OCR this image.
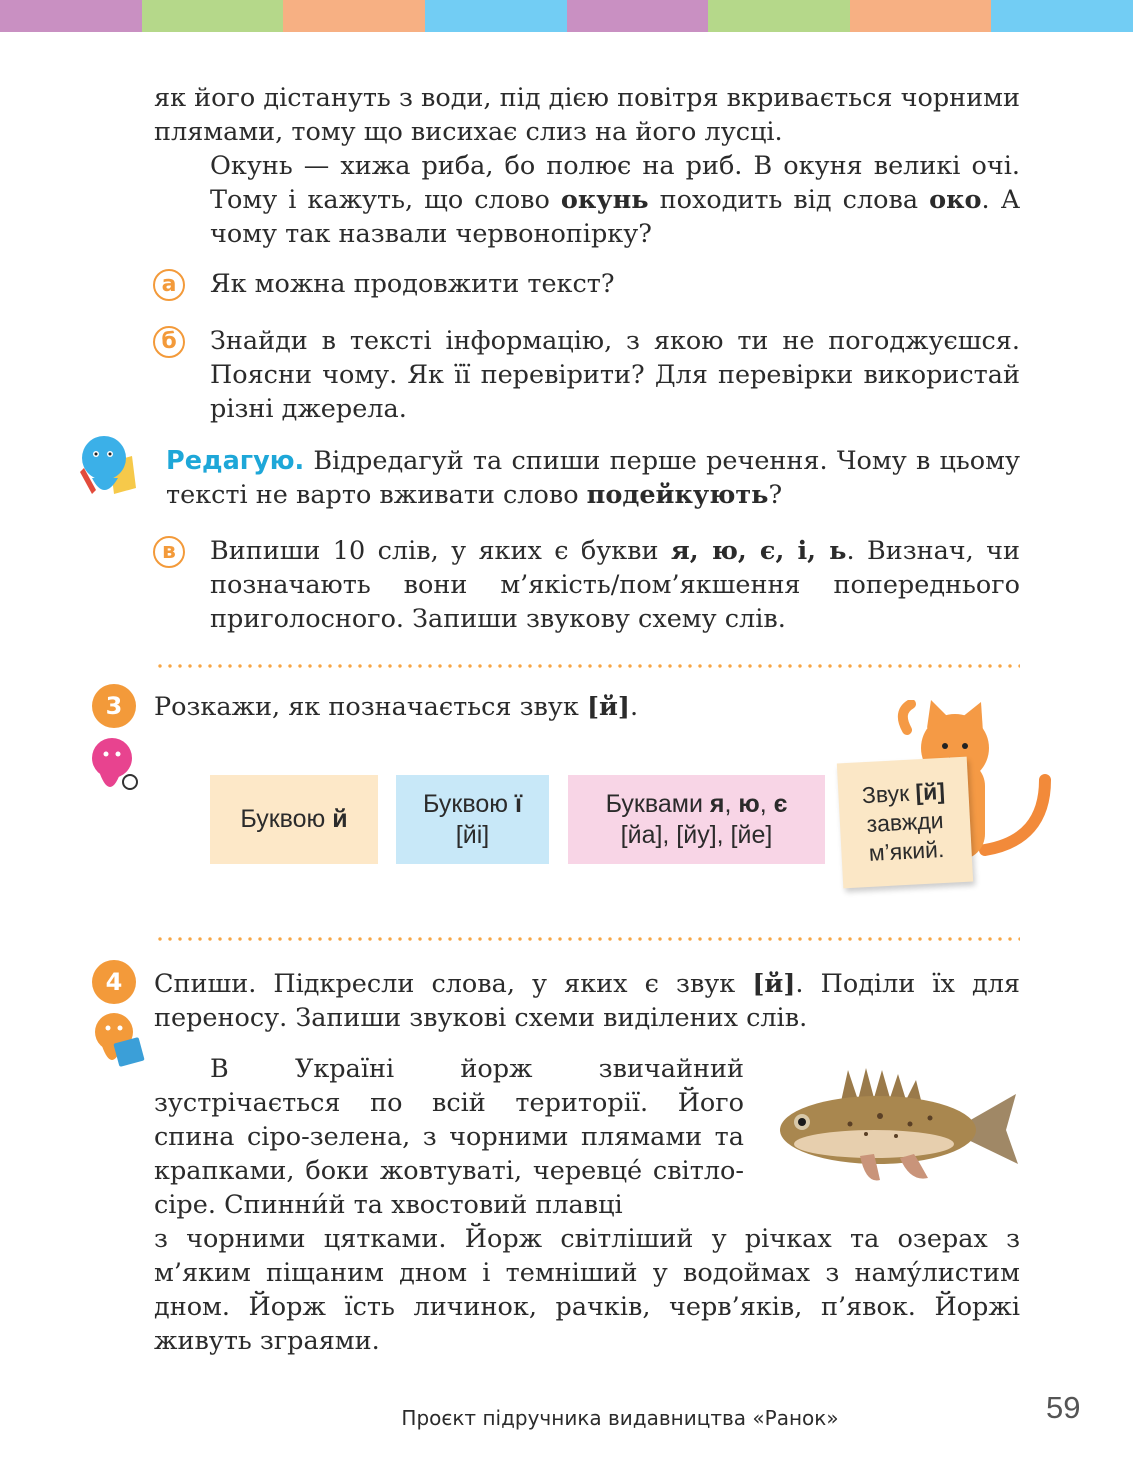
як його дістануть з води, під дією повітря вкривається чорними плямами, тому що висихає слиз на його лусці.
Окунь — хижа риба, бо полює на риб. В окуня великі очі. Тому і кажуть, що слово окунь походить від слова око. А чому так назвали червонопірку?
а	Як можна продовжити текст?
б	Знайди в тексті інформацію, з якою ти не погоджуєшся. Поясни чому. Як її перевірити? Для перевірки використай різні джерела.
Редагую. Відредагуй та спиши перше речення. Чому в цьому тексті не варто вживати слово подейкують?
в	Випиши 10 слів, у яких є букви я, ю, є, і, ь. Визнач, чи позначають вони м’якість/пом’якшення попереднього приголосного. Запиши звукову схему слів.
3	Розкажи, як позначається звук [й].
Буквою й
Буквою ї
[йі]
Буквами я, ю, є
[йа], [йу], [йе]
Звук [й]
завжди
м’який.
4	Спиши. Підкресли слова, у яких є звук [й]. Поділи їх для переносу. Запиши звукові схеми виділених слів.
В Україні йорж звичайний зустрічається по всій території. Його спина сіро-зелена, з чорними плямами та крапками, боки жовтуваті, черевце́ світло-сіре. Спинни́й та хвостовий плавці
з чорними цятками. Йорж світліший у річках та озерах з м’яким піщаним дном і темніший у водоймах з наму́листим дном. Йорж їсть личинок, рачків, черв’яків, п’явок. Йоржі живуть зграями.
Проєкт підручника видавництва «Ранок»	59
